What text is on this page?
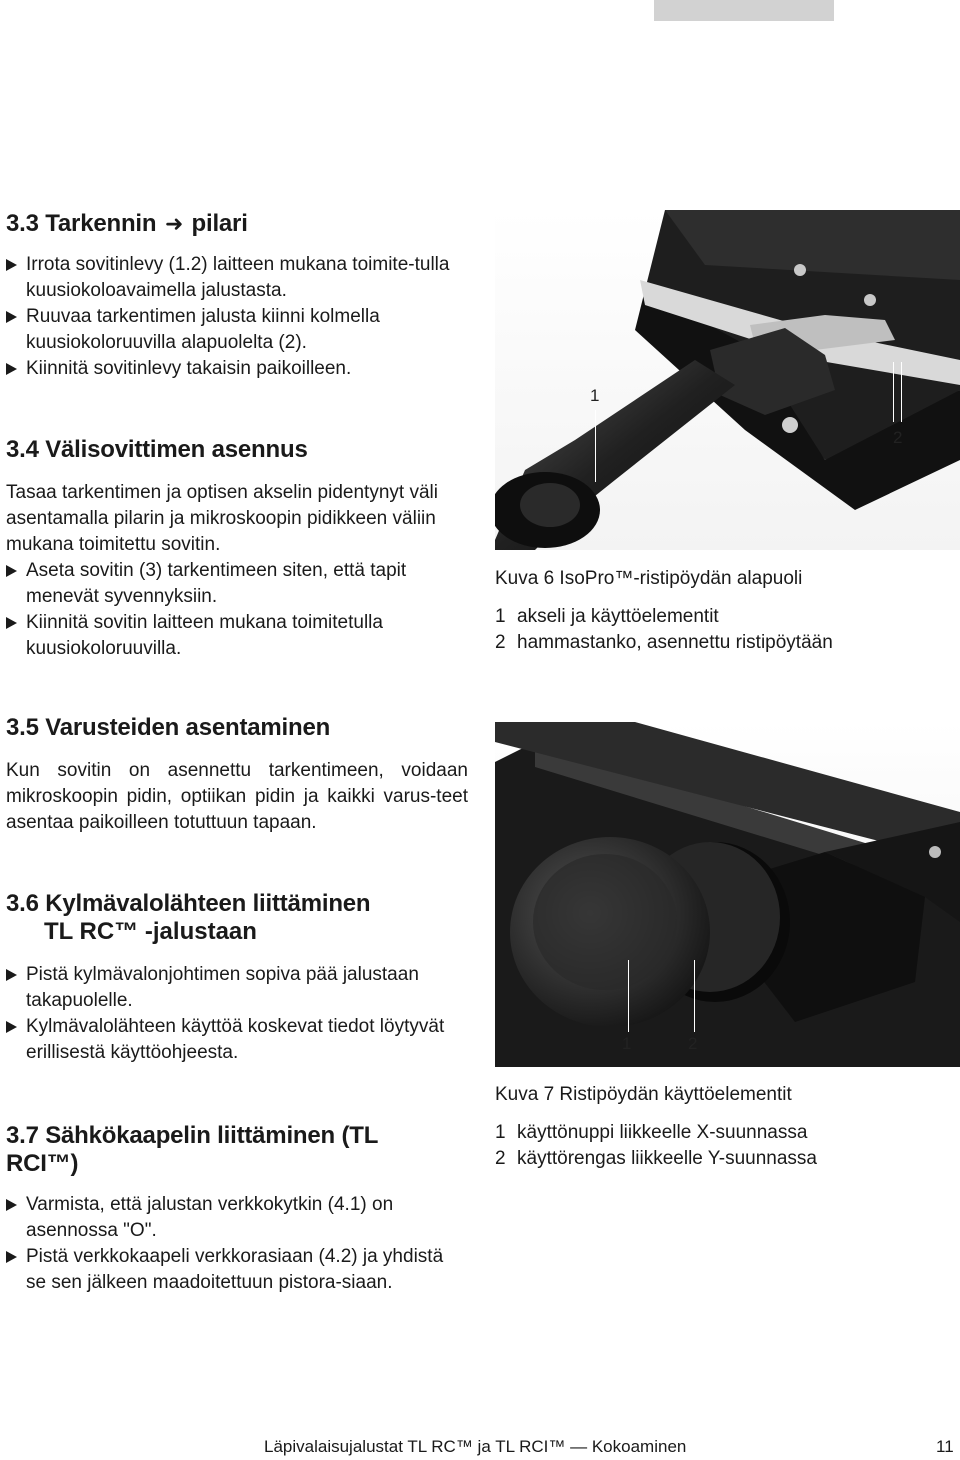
3.3 Tarkennin ➜ pilari
Irrota sovitinlevy (1.2) laitteen mukana toimite-tulla kuusiokoloavaimella jalustasta.
Ruuvaa tarkentimen jalusta kiinni kolmella kuusiokoloruuvilla alapuolelta (2).
Kiinnitä sovitinlevy takaisin paikoilleen.
3.4 Välisovittimen asennus

Tasaa tarkentimen ja optisen akselin pidentynyt väli asentamalla pilarin ja mikroskoopin pidikkeen väliin mukana toimitettu sovitin.

Aseta sovitin (3) tarkentimeen siten, että tapit menevät syvennyksiin.
Kiinnitä sovitin laitteen mukana toimitetulla kuusiokoloruuvilla.
3.5 Varusteiden asentaminen

Kun sovitin on asennettu tarkentimeen, voidaan mikroskoopin pidin, optiikan pidin ja kaikki varus-teet asentaa paikoilleen totuttuun tapaan.

3.6 Kylmävalolähteen liittäminen
TL RC™ -jalustaan
Pistä kylmävalonjohtimen sopiva pää jalustaan takapuolelle.
Kylmävalolähteen käyttöä koskevat tiedot löytyvät erillisestä käyttöohjeesta.
3.7 Sähkökaapelin liittäminen (TL RCI™)
Varmista, että jalustan verkkokytkin (4.1) on asennossa "O".
Pistä verkkokaapeli verkkorasiaan (4.2) ja yhdistä se sen jälkeen maadoitettuun pistora-siaan.
1
2

Kuva 6 IsoPro™-ristipöydän alapuoli

1 akseli ja käyttöelementit

2 hammastanko, asennettu ristipöytään

1	2

Kuva 7 Ristipöydän käyttöelementit

1 käyttönuppi liikkeelle X-suunnassa

2 käyttörengas liikkeelle Y-suunnassa

Läpivalaisujalustat TL RC™ ja TL RCI™ — Kokoaminen	11
